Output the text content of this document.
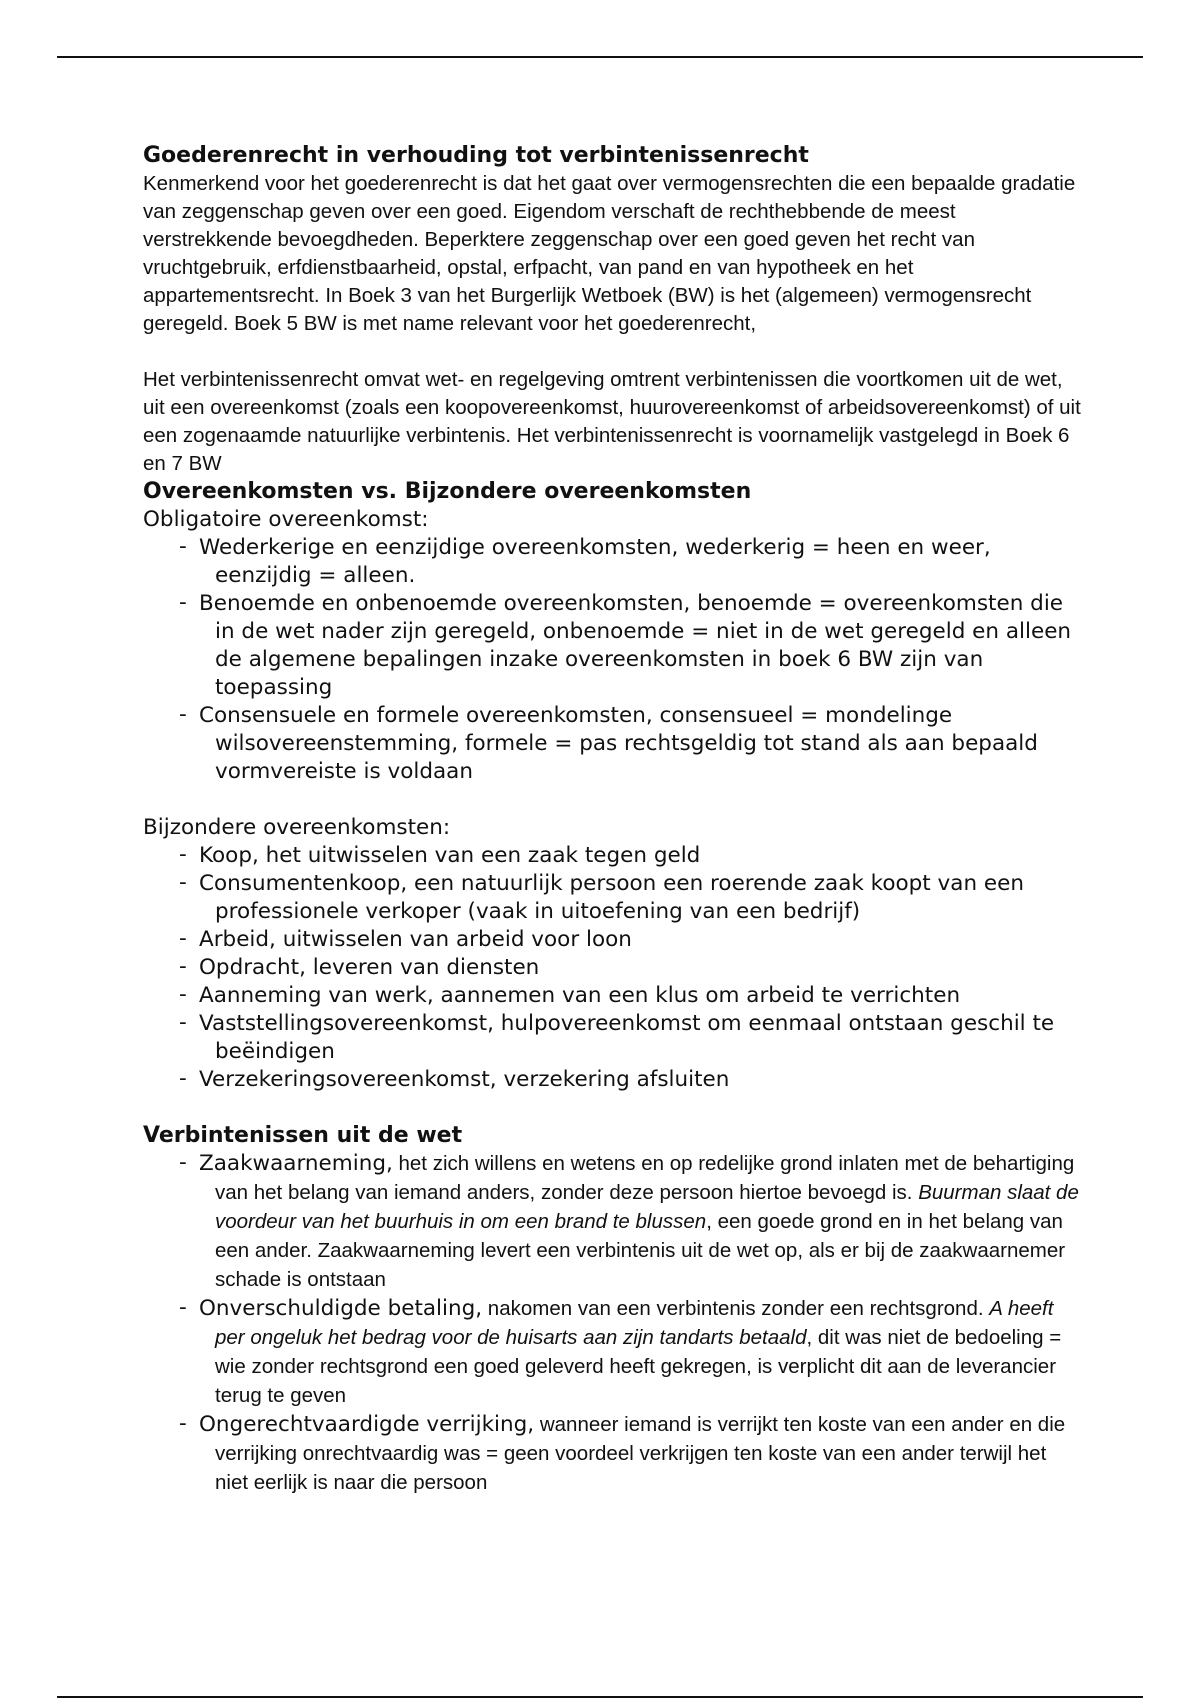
Goederenrecht in verhouding tot verbintenissenrecht

Kenmerkend voor het goederenrecht is dat het gaat over vermogensrechten die een bepaalde gradatie van zeggenschap geven over een goed. Eigendom verschaft de rechthebbende de meest verstrekkende bevoegdheden. Beperktere zeggenschap over een goed geven het recht van vruchtgebruik, erfdienstbaarheid, opstal, erfpacht, van pand en van hypotheek en het appartementsrecht. In Boek 3 van het Burgerlijk Wetboek (BW) is het (algemeen) vermogensrecht geregeld. Boek 5 BW is met name relevant voor het goederenrecht,

Het verbintenissenrecht omvat wet- en regelgeving omtrent verbintenissen die voortkomen uit de wet, uit een overeenkomst (zoals een koopovereenkomst, huurovereenkomst of arbeidsovereenkomst) of uit een zogenaamde natuurlijke verbintenis. Het verbintenissenrecht is voornamelijk vastgelegd in Boek 6 en 7 BW

Overeenkomsten vs. Bijzondere overeenkomsten

Obligatoire overeenkomst:

- Wederkerige en eenzijdige overeenkomsten, wederkerig = heen en weer, eenzijdig = alleen.
- Benoemde en onbenoemde overeenkomsten, benoemde = overeenkomsten die in de wet nader zijn geregeld, onbenoemde = niet in de wet geregeld en alleen de algemene bepalingen inzake overeenkomsten in boek 6 BW zijn van toepassing
- Consensuele en formele overeenkomsten, consensueel = mondelinge wilsovereenstemming, formele = pas rechtsgeldig tot stand als aan bepaald vormvereiste is voldaan

Bijzondere overeenkomsten:

- Koop, het uitwisselen van een zaak tegen geld
- Consumentenkoop, een natuurlijk persoon een roerende zaak koopt van een professionele verkoper (vaak in uitoefening van een bedrijf)
- Arbeid, uitwisselen van arbeid voor loon
- Opdracht, leveren van diensten
- Aanneming van werk, aannemen van een klus om arbeid te verrichten
- Vaststellingsovereenkomst, hulpovereenkomst om eenmaal ontstaan geschil te beëindigen
- Verzekeringsovereenkomst, verzekering afsluiten
Verbintenissen uit de wet
- Zaakwaarneming, het zich willens en wetens en op redelijke grond inlaten met de behartiging van het belang van iemand anders, zonder deze persoon hiertoe bevoegd is. Buurman slaat de voordeur van het buurhuis in om een brand te blussen, een goede grond en in het belang van een ander. Zaakwaarneming levert een verbintenis uit de wet op, als er bij de zaakwaarnemer schade is ontstaan
- Onverschuldigde betaling, nakomen van een verbintenis zonder een rechtsgrond. A heeft per ongeluk het bedrag voor de huisarts aan zijn tandarts betaald, dit was niet de bedoeling = wie zonder rechtsgrond een goed geleverd heeft gekregen, is verplicht dit aan de leverancier terug te geven
- Ongerechtvaardigde verrijking, wanneer iemand is verrijkt ten koste van een ander en die verrijking onrechtvaardig was = geen voordeel verkrijgen ten koste van een ander terwijl het niet eerlijk is naar die persoon
